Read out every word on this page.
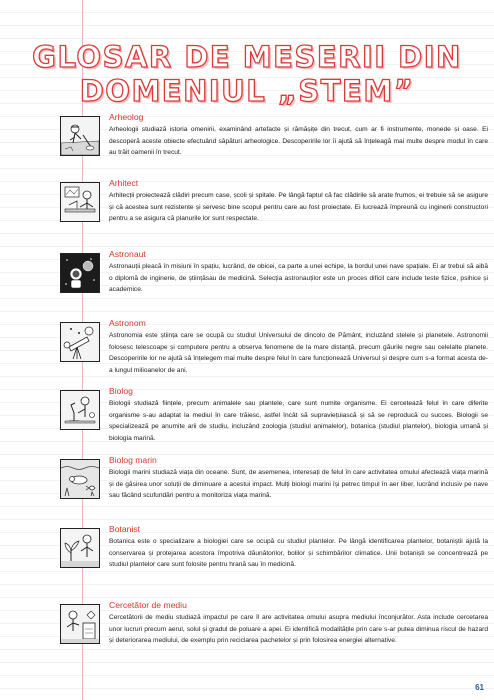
GLOSAR DE MESERII DIN
DOMENIUL „STEM”
Arheolog

Arheologii studiază istoria omenirii, examinând artefacte și rămășițe din trecut, cum ar fi instrumente, monede și oase. Ei descoperă aceste obiecte efectuând săpături arheologice. Descoperirile lor îi ajută să înțeleagă mai multe despre modul în care au trăit oamenii în trecut.

Arhitect

Arhitecții proiectează clădiri precum case, școli și spitale. Pe lângă faptul că fac clădirile să arate frumos, ei trebuie să se asigure și că acestea sunt rezistente și servesc bine scopul pentru care au fost proiectate. Ei lucrează împreună cu inginerii constructori pentru a se asigura că planurile lor sunt respectate.

Astronaut

Astronauții pleacă în misiuni în spațiu, lucrând, de obicei, ca parte a unei echipe, la bordul unei nave spațiale. Ei ar trebui să aibă o diplomă de inginerie, de științăsau de medicină. Selecția astronauților este un proces dificil care include teste fizice, psihice și academice.

Astronom

Astronomia este știința care se ocupă cu studiul Universului de dincolo de Pământ, incluzând stelele și planetele. Astronomii folosesc telescoape și computere pentru a observa fenomene de la mare distanță, precum găurile negre sau celelalte planete. Descoperirile lor ne ajută să înțelegem mai multe despre felul în care funcționează Universul și despre cum s-a format acesta de-a lungul milioanelor de ani.

Biolog

Biologii studiază ființele, precum animalele sau plantele, care sunt numite organisme. Ei cercetează felul în care diferite organisme s-au adaptat la mediul în care trăiesc, astfel încât să supraviețuiască și să se reproducă cu succes. Biologii se specializează pe anumite arii de studiu, incluzând zoologia (studiul animalelor), botanica (studiul plantelor), biologia umană și biologia marină.

Biolog marin

Biologii marini studiază viața din oceane. Sunt, de asemenea, interesați de felul în care activitatea omului afectează viața marină și de găsirea unor soluții de diminuare a acestui impact. Mulți biologi marini își petrec timpul în aer liber, lucrând inclusiv pe nave sau făcând scufundări pentru a monitoriza viața marină.

Botanist

Botanica este o specializare a biologiei care se ocupă cu studiul plantelor. Pe lângă identificarea plantelor, botaniștii ajută la conservarea și protejarea acestora împotriva dăunătorilor, bolilor și schimbărilor climatice. Unii botaniști se concentrează pe studiul plantelor care sunt folosite pentru hrană sau în medicină.

Cercetător de mediu

Cercetătorii de mediu studiază impactul pe care îl are activitatea omului asupra mediului înconjurător. Asta include cercetarea unor lucruri precum aerul, solul și gradul de poluare a apei. Ei identifică modalitățile prin care s-ar putea diminua riscul de hazard și deteriorarea mediului, de exemplu prin reciclarea pachetelor și prin folosirea energiei alternative.

61
